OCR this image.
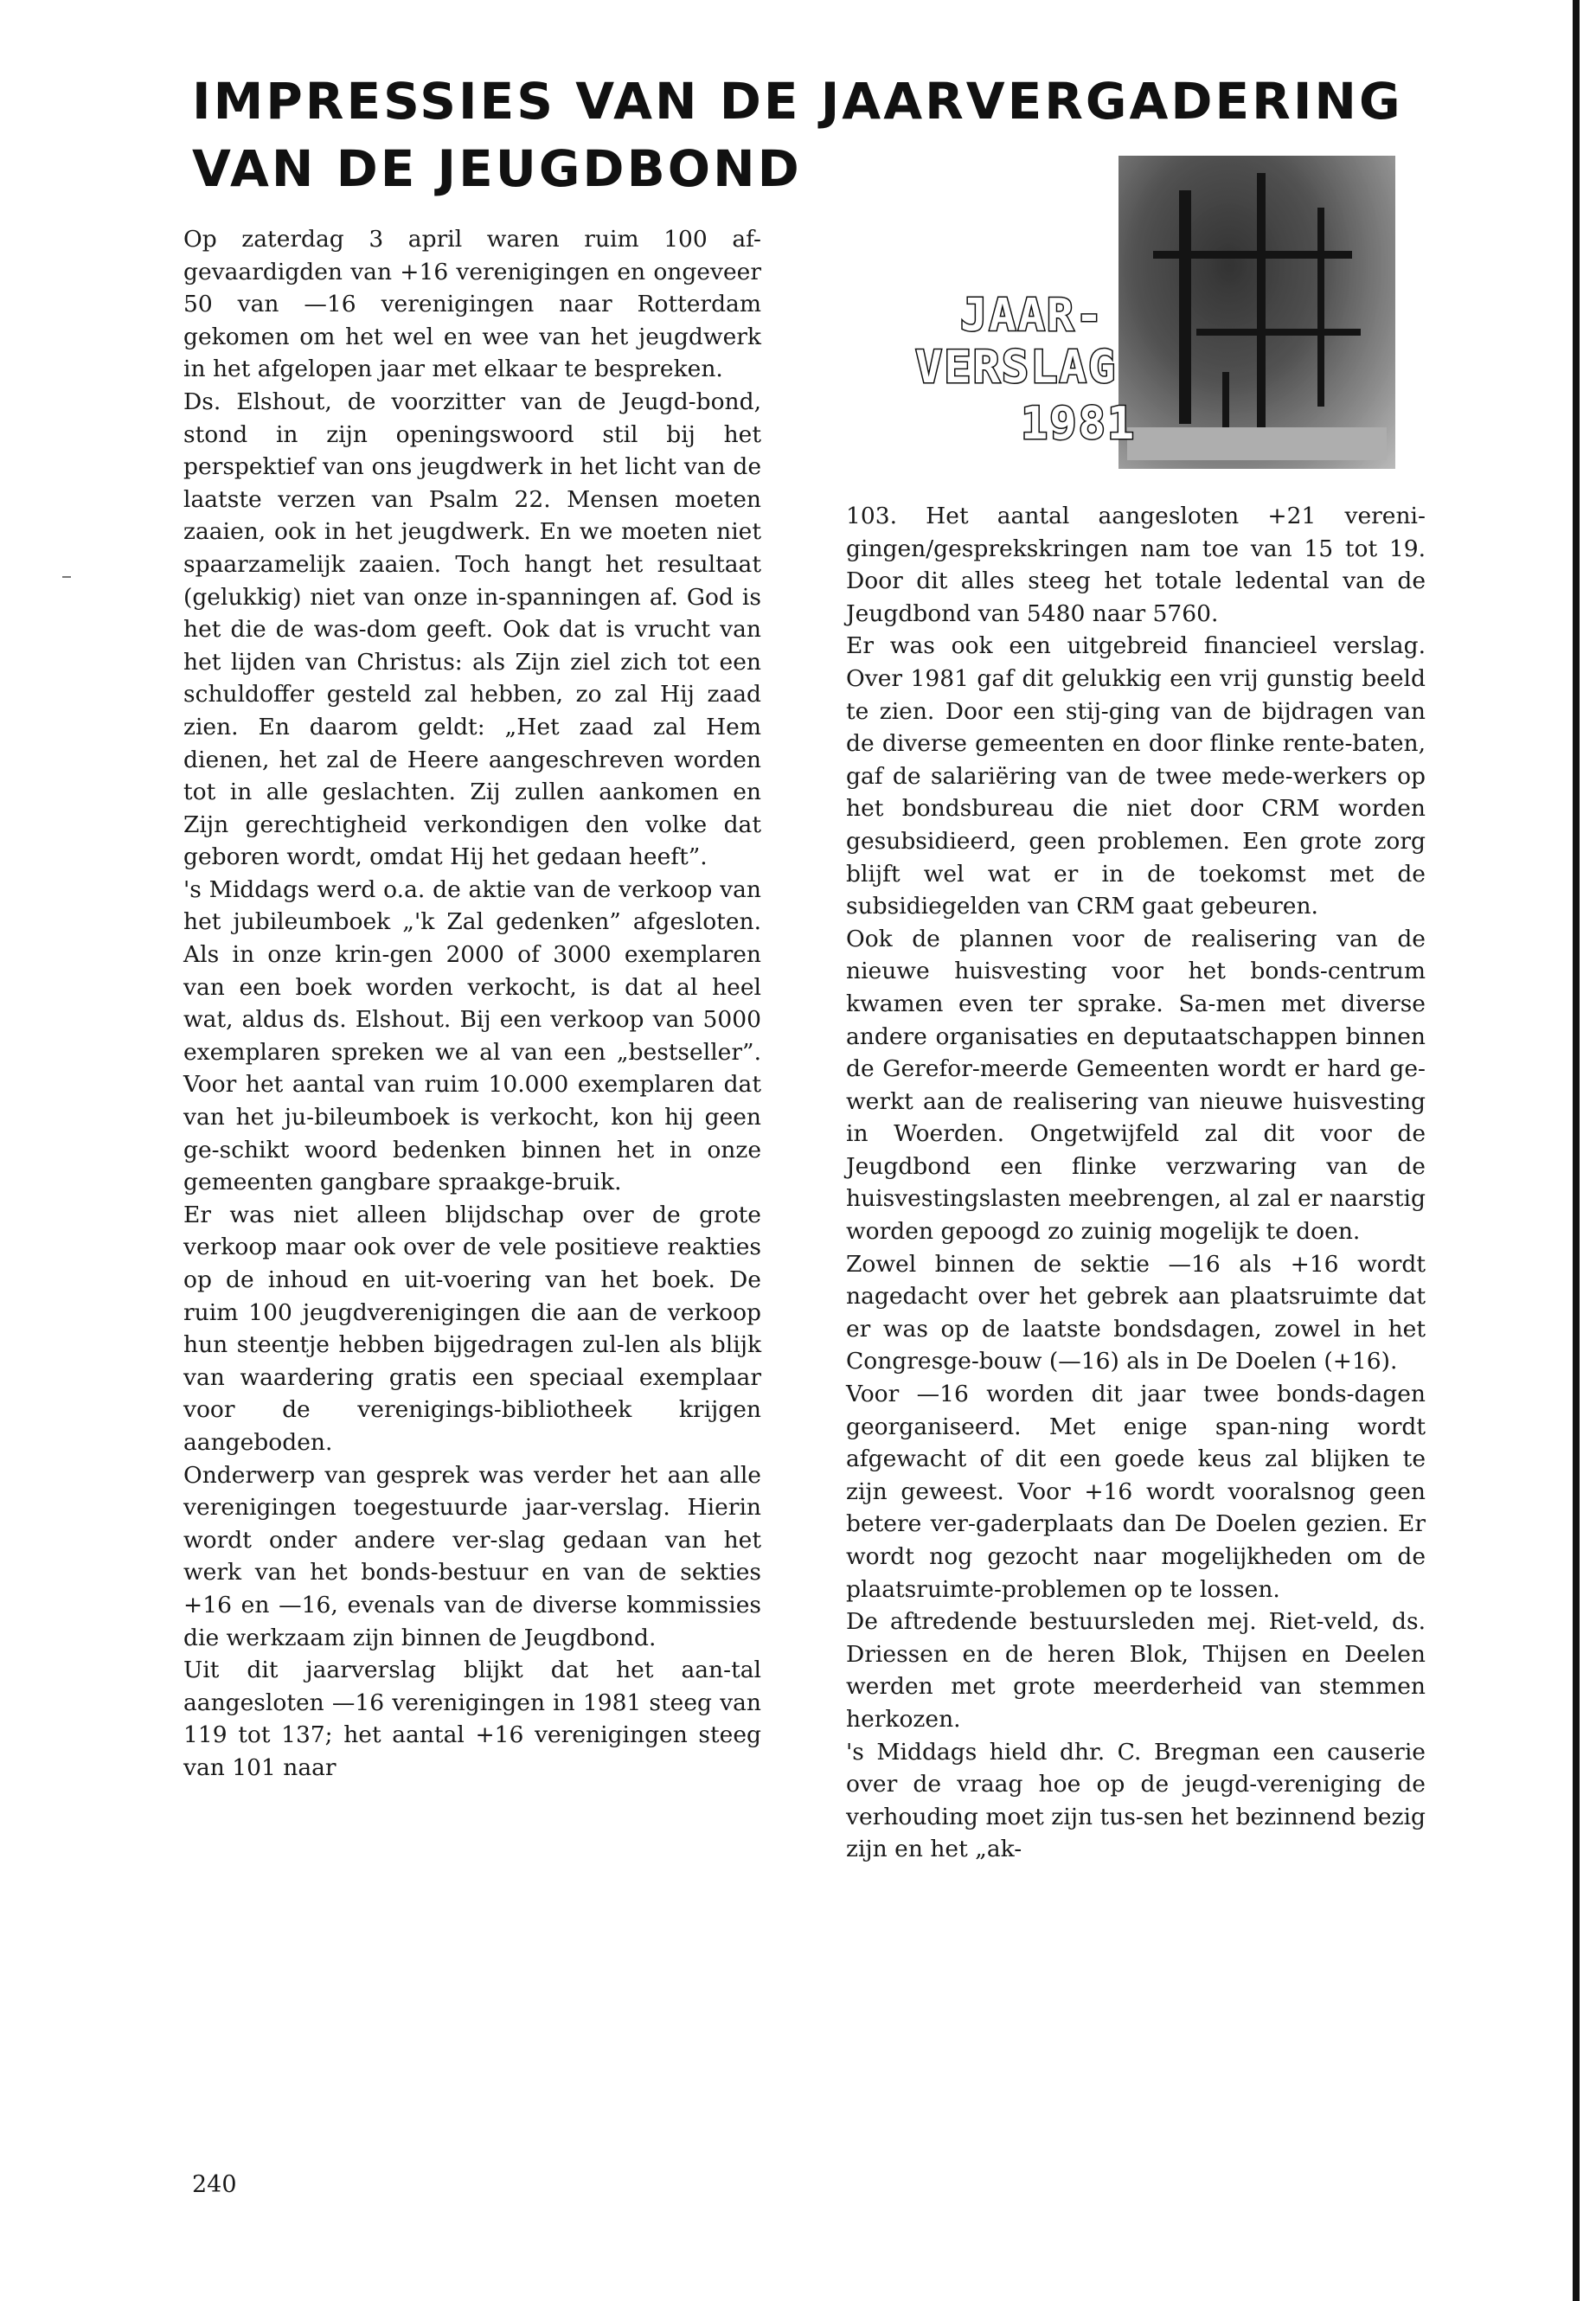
IMPRESSIES VAN DE JAARVERGADERING VAN DE JEUGDBOND
JAAR-
VERSLAG
1981

Op zaterdag 3 april waren ruim 100 af-gevaardigden van +16 verenigingen en ongeveer 50 van —16 verenigingen naar Rotterdam gekomen om het wel en wee van het jeugdwerk in het afgelopen jaar met elkaar te bespreken.

Ds. Elshout, de voorzitter van de Jeugd-bond, stond in zijn openingswoord stil bij het perspektief van ons jeugdwerk in het licht van de laatste verzen van Psalm 22. Mensen moeten zaaien, ook in het jeugdwerk. En we moeten niet spaarzamelijk zaaien. Toch hangt het resultaat (gelukkig) niet van onze in-spanningen af. God is het die de was-dom geeft. Ook dat is vrucht van het lijden van Christus: als Zijn ziel zich tot een schuldoffer gesteld zal hebben, zo zal Hij zaad zien. En daarom geldt: „Het zaad zal Hem dienen, het zal de Heere aangeschreven worden tot in alle geslachten. Zij zullen aankomen en Zijn gerechtigheid verkondigen den volke dat geboren wordt, omdat Hij het gedaan heeft”.

's Middags werd o.a. de aktie van de verkoop van het jubileumboek „'k Zal gedenken” afgesloten. Als in onze krin-gen 2000 of 3000 exemplaren van een boek worden verkocht, is dat al heel wat, aldus ds. Elshout. Bij een verkoop van 5000 exemplaren spreken we al van een „bestseller”. Voor het aantal van ruim 10.000 exemplaren dat van het ju-bileumboek is verkocht, kon hij geen ge-schikt woord bedenken binnen het in onze gemeenten gangbare spraakge-bruik.

Er was niet alleen blijdschap over de grote verkoop maar ook over de vele positieve reakties op de inhoud en uit-voering van het boek. De ruim 100 jeugdverenigingen die aan de verkoop hun steentje hebben bijgedragen zul-len als blijk van waardering gratis een speciaal exemplaar voor de verenigings-bibliotheek krijgen aangeboden.

Onderwerp van gesprek was verder het aan alle verenigingen toegestuurde jaar-verslag. Hierin wordt onder andere ver-slag gedaan van het werk van het bonds-bestuur en van de sekties +16 en —16, evenals van de diverse kommissies die werkzaam zijn binnen de Jeugdbond.

Uit dit jaarverslag blijkt dat het aan-tal aangesloten —16 verenigingen in 1981 steeg van 119 tot 137; het aantal +16 verenigingen steeg van 101 naar

103. Het aantal aangesloten +21 vereni-gingen/gesprekskringen nam toe van 15 tot 19. Door dit alles steeg het totale ledental van de Jeugdbond van 5480 naar 5760.

Er was ook een uitgebreid financieel verslag. Over 1981 gaf dit gelukkig een vrij gunstig beeld te zien. Door een stij-ging van de bijdragen van de diverse gemeenten en door flinke rente-baten, gaf de salariëring van de twee mede-werkers op het bondsbureau die niet door CRM worden gesubsidieerd, geen problemen. Een grote zorg blijft wel wat er in de toekomst met de subsidiegelden van CRM gaat gebeuren.

Ook de plannen voor de realisering van de nieuwe huisvesting voor het bonds-centrum kwamen even ter sprake. Sa-men met diverse andere organisaties en deputaatschappen binnen de Gerefor-meerde Gemeenten wordt er hard ge-werkt aan de realisering van nieuwe huisvesting in Woerden. Ongetwijfeld zal dit voor de Jeugdbond een flinke verzwaring van de huisvestingslasten meebrengen, al zal er naarstig worden gepoogd zo zuinig mogelijk te doen.

Zowel binnen de sektie —16 als +16 wordt nagedacht over het gebrek aan plaatsruimte dat er was op de laatste bondsdagen, zowel in het Congresge-bouw (—16) als in De Doelen (+16).

Voor —16 worden dit jaar twee bonds-dagen georganiseerd. Met enige span-ning wordt afgewacht of dit een goede keus zal blijken te zijn geweest. Voor +16 wordt vooralsnog geen betere ver-gaderplaats dan De Doelen gezien. Er wordt nog gezocht naar mogelijkheden om de plaatsruimte-problemen op te lossen.

De aftredende bestuursleden mej. Riet-veld, ds. Driessen en de heren Blok, Thijsen en Deelen werden met grote meerderheid van stemmen herkozen.

's Middags hield dhr. C. Bregman een causerie over de vraag hoe op de jeugd-vereniging de verhouding moet zijn tus-sen het bezinnend bezig zijn en het „ak-

240
